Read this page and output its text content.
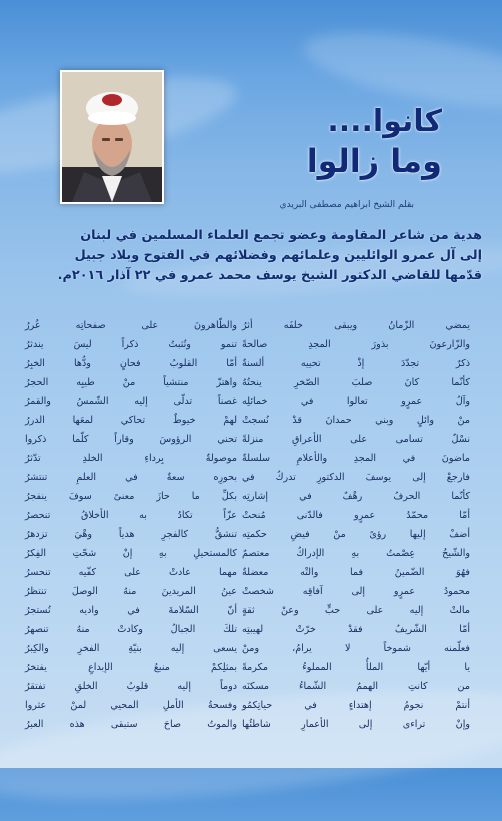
كانوا....
وما زالوا
بقلم الشيخ ابراهيم مصطفى البريدي
هدية من شاعر المقاومة وعضو تجمع العلماء المسلمين في لبنان
إلى آل عمرو الوائليين وعلمائهم وفضلائهم في الفتوح وبلاد جبيل
قدّمها للقاضي الدكتور الشيخ يوسف محمد عمرو في ٢٢ آذار ٢٠١٦م.
يمضي الزّمانُ ويبقى خلفَه أثرُ
والزّارعونَ بذورَ المجدِ صالحةً
ذكرٌ تجدّدَ إذْ تحييه ألسنةٌ
كأنّما كانَ صلبَ الصّخرِ ينحتُهُ
وآلُ عمرٍو تعالوا في خمائلِه
منْ وائلٍ وبني حمدانَ قدْ نُسجتْ
نسْلٌ تسامى على الأعراقِ منزلةً
ماضونَ في المجدِ والأعلامِ سلسلةٌ
فارجعْ إلى يوسفَ الدكتورِ تدركُ في
كأنّما الحرفُ رهْفٌ في إشارتِه
أمّا محمّدُ عمرٍو فالدّنى مُنحتْ
أضفْ إليها رؤىً منْ فيضِ حكمتِه
والشّيخُ عِصْمتُ بهِ الإدراكُ معتصمٌ
فهُوَ الضّمينُ فما والتْه معضلةٌ
محمودُ عمرٍو إلى آفاقِه شخصتْ
مالتْ إليه على حبٍّ وعنْ ثقةٍ
أمّا الشّريفُ فقدْ خرّتْ لهيبتِه
فعلّمنه شموخاً لا يرامُ، ومنْ
يا أيّها الملأُ المملوءُ مكرمةً
من كانتِ الهممُ الشّماءُ مسكنَه
أنتمْ نجومُ إهتداءٍ في حياتِكمُو
وإنْ تراءى إلى الأعمارِ شاطئُها
والطّاهرونَ على صفحاتِه غُررُ
تنمو وتُثبتُ ذكراً ليسَ يندثرُ
أمّا القلوبُ فحانٍ ودُّها الخبِرُ
واهتزّ منتشياً منْ طيبِه الحجرُ
غصناً تدلّى إليه الشّمسُ والقمرُ
لهمْ خيوطٌ تحاكي لمعَها الدررُ
تحني الرؤوسَ وقاراً كلّما ذكروا
موصولةٌ بِرداءِ الخلدِ تدّثرُ
بحورِه سعةٌ في العلمِ تنتشرُ
بكلِّ ما حازَ معنىً سوفَ ينفجرُ
عزّاً تكادُ به الأخلاقُ تنحصرُ
تنشقُّ كالفجرِ هدياً وهْيَ تزدهرُ
كالمستحيلِ بهِ إنْ شحّتِ الفِكرُ
مهما عادتْ على كفّيه تنحسرُ
عينُ المريدينَ منهُ الوصلَ تنتظرُ
أنّ السّلامةَ في واديه تُستجرُ
تلكَ الجبالُ وكادتْ منهُ تنصهرُ
يسعى إليه بنيّةِ الفخرِ والكِبرُ
بمثلِكمْ منبعُ الإبداعِ يفتخرُ
دوماً إليه قلوبُ الخلقِ تفتقرُ
وفسحةُ الأملِ المحيي لمنْ عثروا
والموتُ صاحَ ستبقى هذه العبرُ
